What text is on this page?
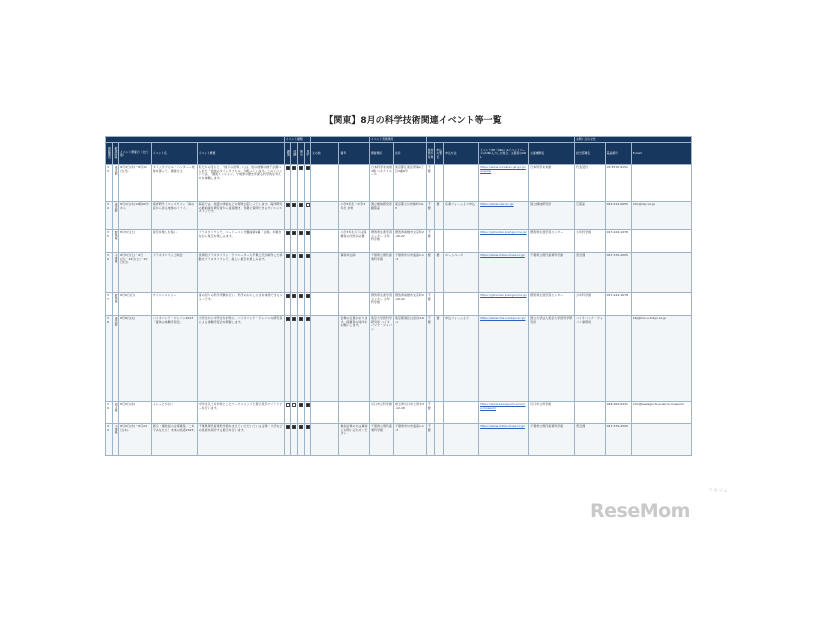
【関東】8月の科学技術関連イベント等一覧
					イベント種類						イベント実施場所							お問い合わせ先		
掲載番号	都道府県	イベント開催日（全日程）	イベント名	イベント概要	講演	体験	展示	見学	その他	備考	開催場所	住所	参加費の有無	申込の要否	申込方法	イベントHP（URL）※イベントページのURL入力した場合、主催者のURL	主催機関名	担当部署名	電話番号	E-mail
33	東京都	8月3日(木)～8月11日(月)	タイムカプセル・ハンターー地球を探って、調査せよ	私たちの足もと、「地下の世界」には、岩の地層の様子が調べられた「地球のタイムカプセル」が眠っています。このイベントでは、「調査ミッション」で地球の歴史を探る科学的な考え方を体験します。							日本科学未来館 3階 コネクトホール	東京都江東区青海2丁目3番6号	不要			https://www.miraikan.jst.go.jp/events/	日本科学未来館	代表受付	03-3570-9151	
34	東京都	8月3日(木)14時00分から	海洋研サイエンスカフェ「海の底から見る地球のミライ」	海底では、地震や津波などの現象が起こっています。海洋研究の最前線を研究者から直接聞き、気軽に質問できるサイエンスカフェです。						小学5年生～中学3年生 対象	国立極地研究所 観覧室	東京都立川市緑町10-3	不要	要	応募フォームより申込	https://www.nipr.ac.jp/	国立極地研究所	広報室	042-512-0655	info@nipr.ac.jp
35	群馬県	8月5日(土)	星空を楽しむ集い	プラネタリウムで、ベートーベン交響曲第9番「合唱」を聴きながら星空を楽しみます。						小学3年生以下は保護者の同伴が必要	群馬県生涯学習センター 少年科学館	群馬県前橋市文京町2-20-22	不要			https://gllcenter.pref.gunma.jp/	群馬県生涯学習センター	少年科学館	027-224-1678	
36	千葉県	8月5日(土)・6日(日)・19日(土)・20日(日)	プラネタリウム上映会	世界的プラネタリウム・クリエーター大平貴之氏が制作した移動式プラネタリウムで、美しい星空を楽しみます。						事前申込制	千葉県立現代産業科学館	千葉県市川市鬼高1-1-3	要	要	ホームページ	https://www.chiba-muse.or.jp/	千葉県立現代産業科学館	普及課	047-379-2005	
37	群馬県	8月6日(日)	サイエンスショー	身の回りの科学実験を行い、科学のおもしろさを体感できるショーです。							群馬県生涯学習センター 少年科学館	群馬県前橋市文京町2-20-22	不要			https://gllcenter.pref.gunma.jp/	群馬県生涯学習センター	少年科学館	027-224-1678	
38	東京都	8月8日(火)	バイオパンク・ジャパン2023「夏休み体験学習会」	小学生から中学生を対象に、バイオパンク・ジャパンの研究者による体験学習会を開催します。						会場の定員があります。保護者の同伴をお願いします。	東京大学医科学研究所 バイオパンク・ジャパン	東京都港区白金台4-6-1	不要	要	申込フォームより	https://www.ims.u-tokyo.ac.jp/	国立大学法人東京大学医科学研究所	バイオパンク・ジャパン事務局		bbj@ims.u-tokyo.ac.jp
39	埼玉県	8月9日(水)	ふらっとかがく	中学生以上を対象としたワークショップと展示見学ナイトツアーを行います。							川口市立科学館	埼玉県川口市上青木3-12-18	不要			https://www.kawaguchi-science.museum	川口市立科学館		048-262-6431	info@kawaguchi-science.museum
40	千葉県	8月9日(水)～8月24日(木)	展示・運営協力企業募集「これであなたも！未来の技術2023」	千葉県現代産業科学館を支えていただいている企業・大学などの技術を紹介する展示を行います。						参加企業の方は事前にお問い合わせください	千葉県立現代産業科学館	千葉県市川市鬼高1-1-3	不要			https://www.chiba-muse.or.jp/	千葉県立現代産業科学館	普及課	047-379-2005	
リセマム
ReseMom
